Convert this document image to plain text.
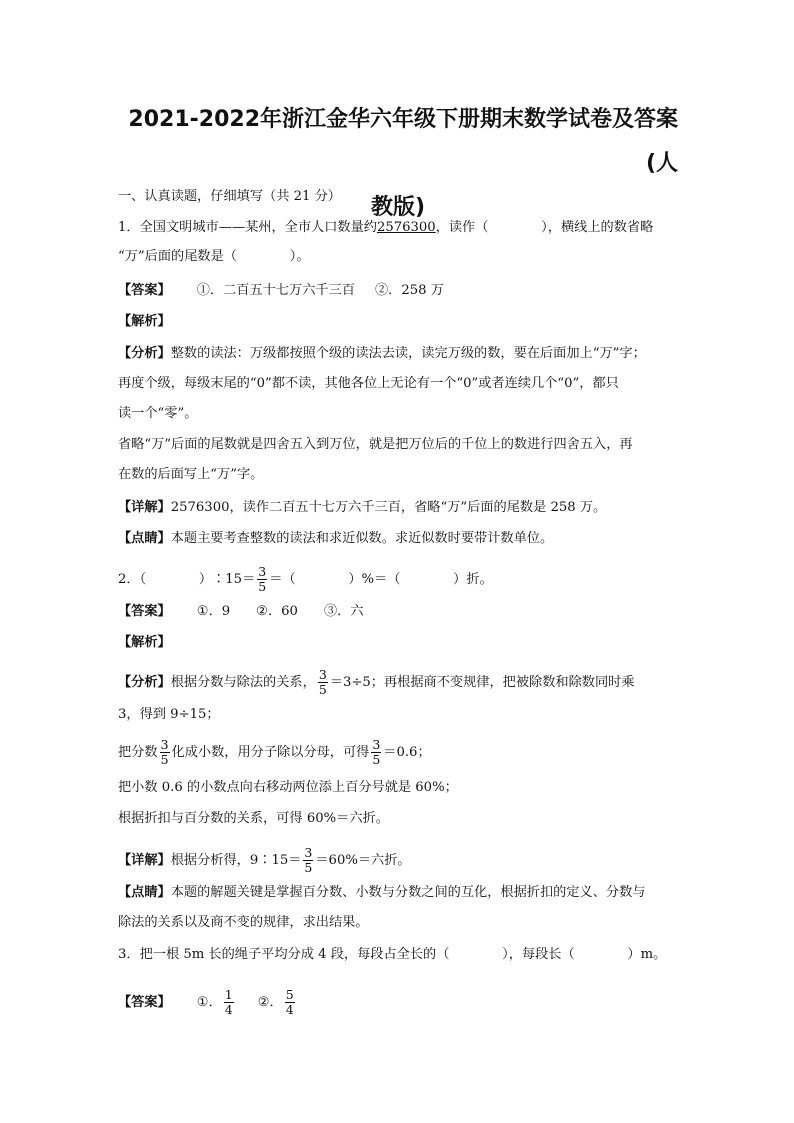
2021-2022年浙江金华六年级下册期末数学试卷及答案(人
教版)
一、认真读题，仔细填写（共 21 分）
1．全国文明城市——某州，全市人口数量约2576300，读作（　　　　），横线上的数省略
“万”后面的尾数是（　　　　）。
【答案】 ①．二百五十七万六千三百 ②．258 万
【解析】
【分析】整数的读法：万级都按照个级的读法去读，读完万级的数，要在后面加上“万”字；
再度个级，每级末尾的“0”都不读，其他各位上无论有一个“0”或者连续几个“0”，都只
读一个“零”。
省略“万”后面的尾数就是四舍五入到万位，就是把万位后的千位上的数进行四舍五入，再
在数的后面写上“万”字。
【详解】2576300，读作二百五十七万六千三百，省略“万”后面的尾数是 258 万。
【点睛】本题主要考查整数的读法和求近似数。求近似数时要带计数单位。
2．（　　　　）∶15＝ $\frac{3}{5}$ ＝（　　　　）%＝（　　　　）折。
【答案】 ①．9 ②．60 ③．六
【解析】
【分析】根据分数与除法的关系， $\frac{3}{5} =3\div 5$；再根据商不变规律，把被除数和除数同时乘
3，得到 9÷15；
把分数 $\frac{3}{5}$ 化成小数，用分子除以分母，可得 $\frac{3}{5} =0.6$；
把小数 0.6 的小数点向右移动两位添上百分号就是 60%；
根据折扣与百分数的关系，可得 60%＝六折。
【详解】根据分析得，9∶15＝ $\frac{3}{5} =60\%=$六折。
【点睛】本题的解题关键是掌握百分数、小数与分数之间的互化，根据折扣的定义、分数与
除法的关系以及商不变的规律，求出结果。
3．把一根 5m 长的绳子平均分成 4 段，每段占全长的（　　　　），每段长（　　　　）m。
【答案】 ①． $\frac{1}{4}$ ②． $\frac{5}{4}$
